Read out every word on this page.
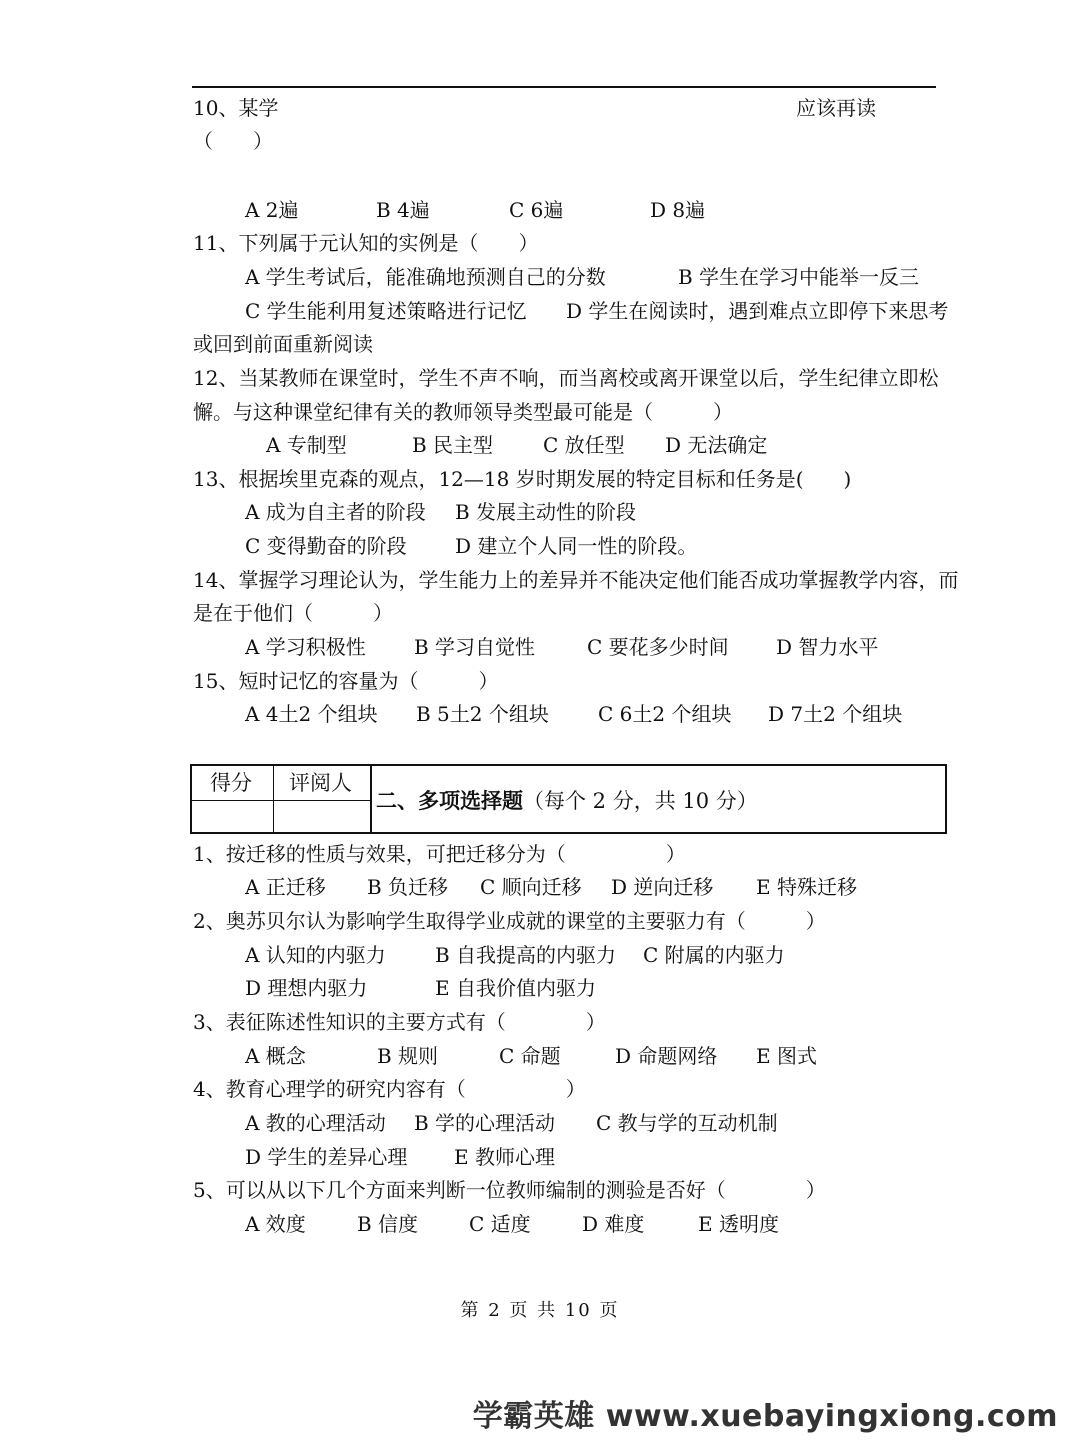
10、某学	应该再读
（　　）
A 2遍	B 4遍	C 6遍	D 8遍
11、下列属于元认知的实例是（　　）
A 学生考试后，能准确地预测自己的分数	B 学生在学习中能举一反三
C 学生能利用复述策略进行记忆 D 学生在阅读时，遇到难点立即停下来思考
或回到前面重新阅读
12、当某教师在课堂时，学生不声不响，而当离校或离开课堂以后，学生纪律立即松
懈。与这种课堂纪律有关的教师领导类型最可能是（　　　）
A 专制型	B 民主型 C 放任型 D 无法确定
13、根据埃里克森的观点，12—18 岁时期发展的特定目标和任务是(　　)
A 成为自主者的阶段 B 发展主动性的阶段
C 变得勤奋的阶段 D 建立个人同一性的阶段。
14、掌握学习理论认为，学生能力上的差异并不能决定他们能否成功掌握教学内容，而
是在于他们（　　　）
A 学习积极性 B 学习自觉性	C 要花多少时间 D 智力水平
15、短时记忆的容量为（　　　）
A 4土2 个组块 B 5土2 个组块 C 6土2 个组块 D 7土2 个组块
得分 评阅人
二、多项选择题（每个 2 分，共 10 分）
1、按迁移的性质与效果，可把迁移分为（　　　　　）
A 正迁移 B 负迁移 C 顺向迁移 D 逆向迁移 E 特殊迁移
2、奥苏贝尔认为影响学生取得学业成就的课堂的主要驱力有（　　　）
A 认知的内驱力 B 自我提高的内驱力 C 附属的内驱力
D 理想内驱力	E 自我价值内驱力
3、表征陈述性知识的主要方式有（　　　　）
A 概念	B 规则	C 命题	D 命题网络 E 图式
4、教育心理学的研究内容有（　　　　　）
A 教的心理活动 B 学的心理活动 C 教与学的互动机制
D 学生的差异心理 E 教师心理
5、可以从以下几个方面来判断一位教师编制的测验是否好（　　　　）
A 效度	B 信度	C 适度	D 难度	E 透明度
第 2 页 共 10 页
学霸英雄 www.xuebayingxiong.com
